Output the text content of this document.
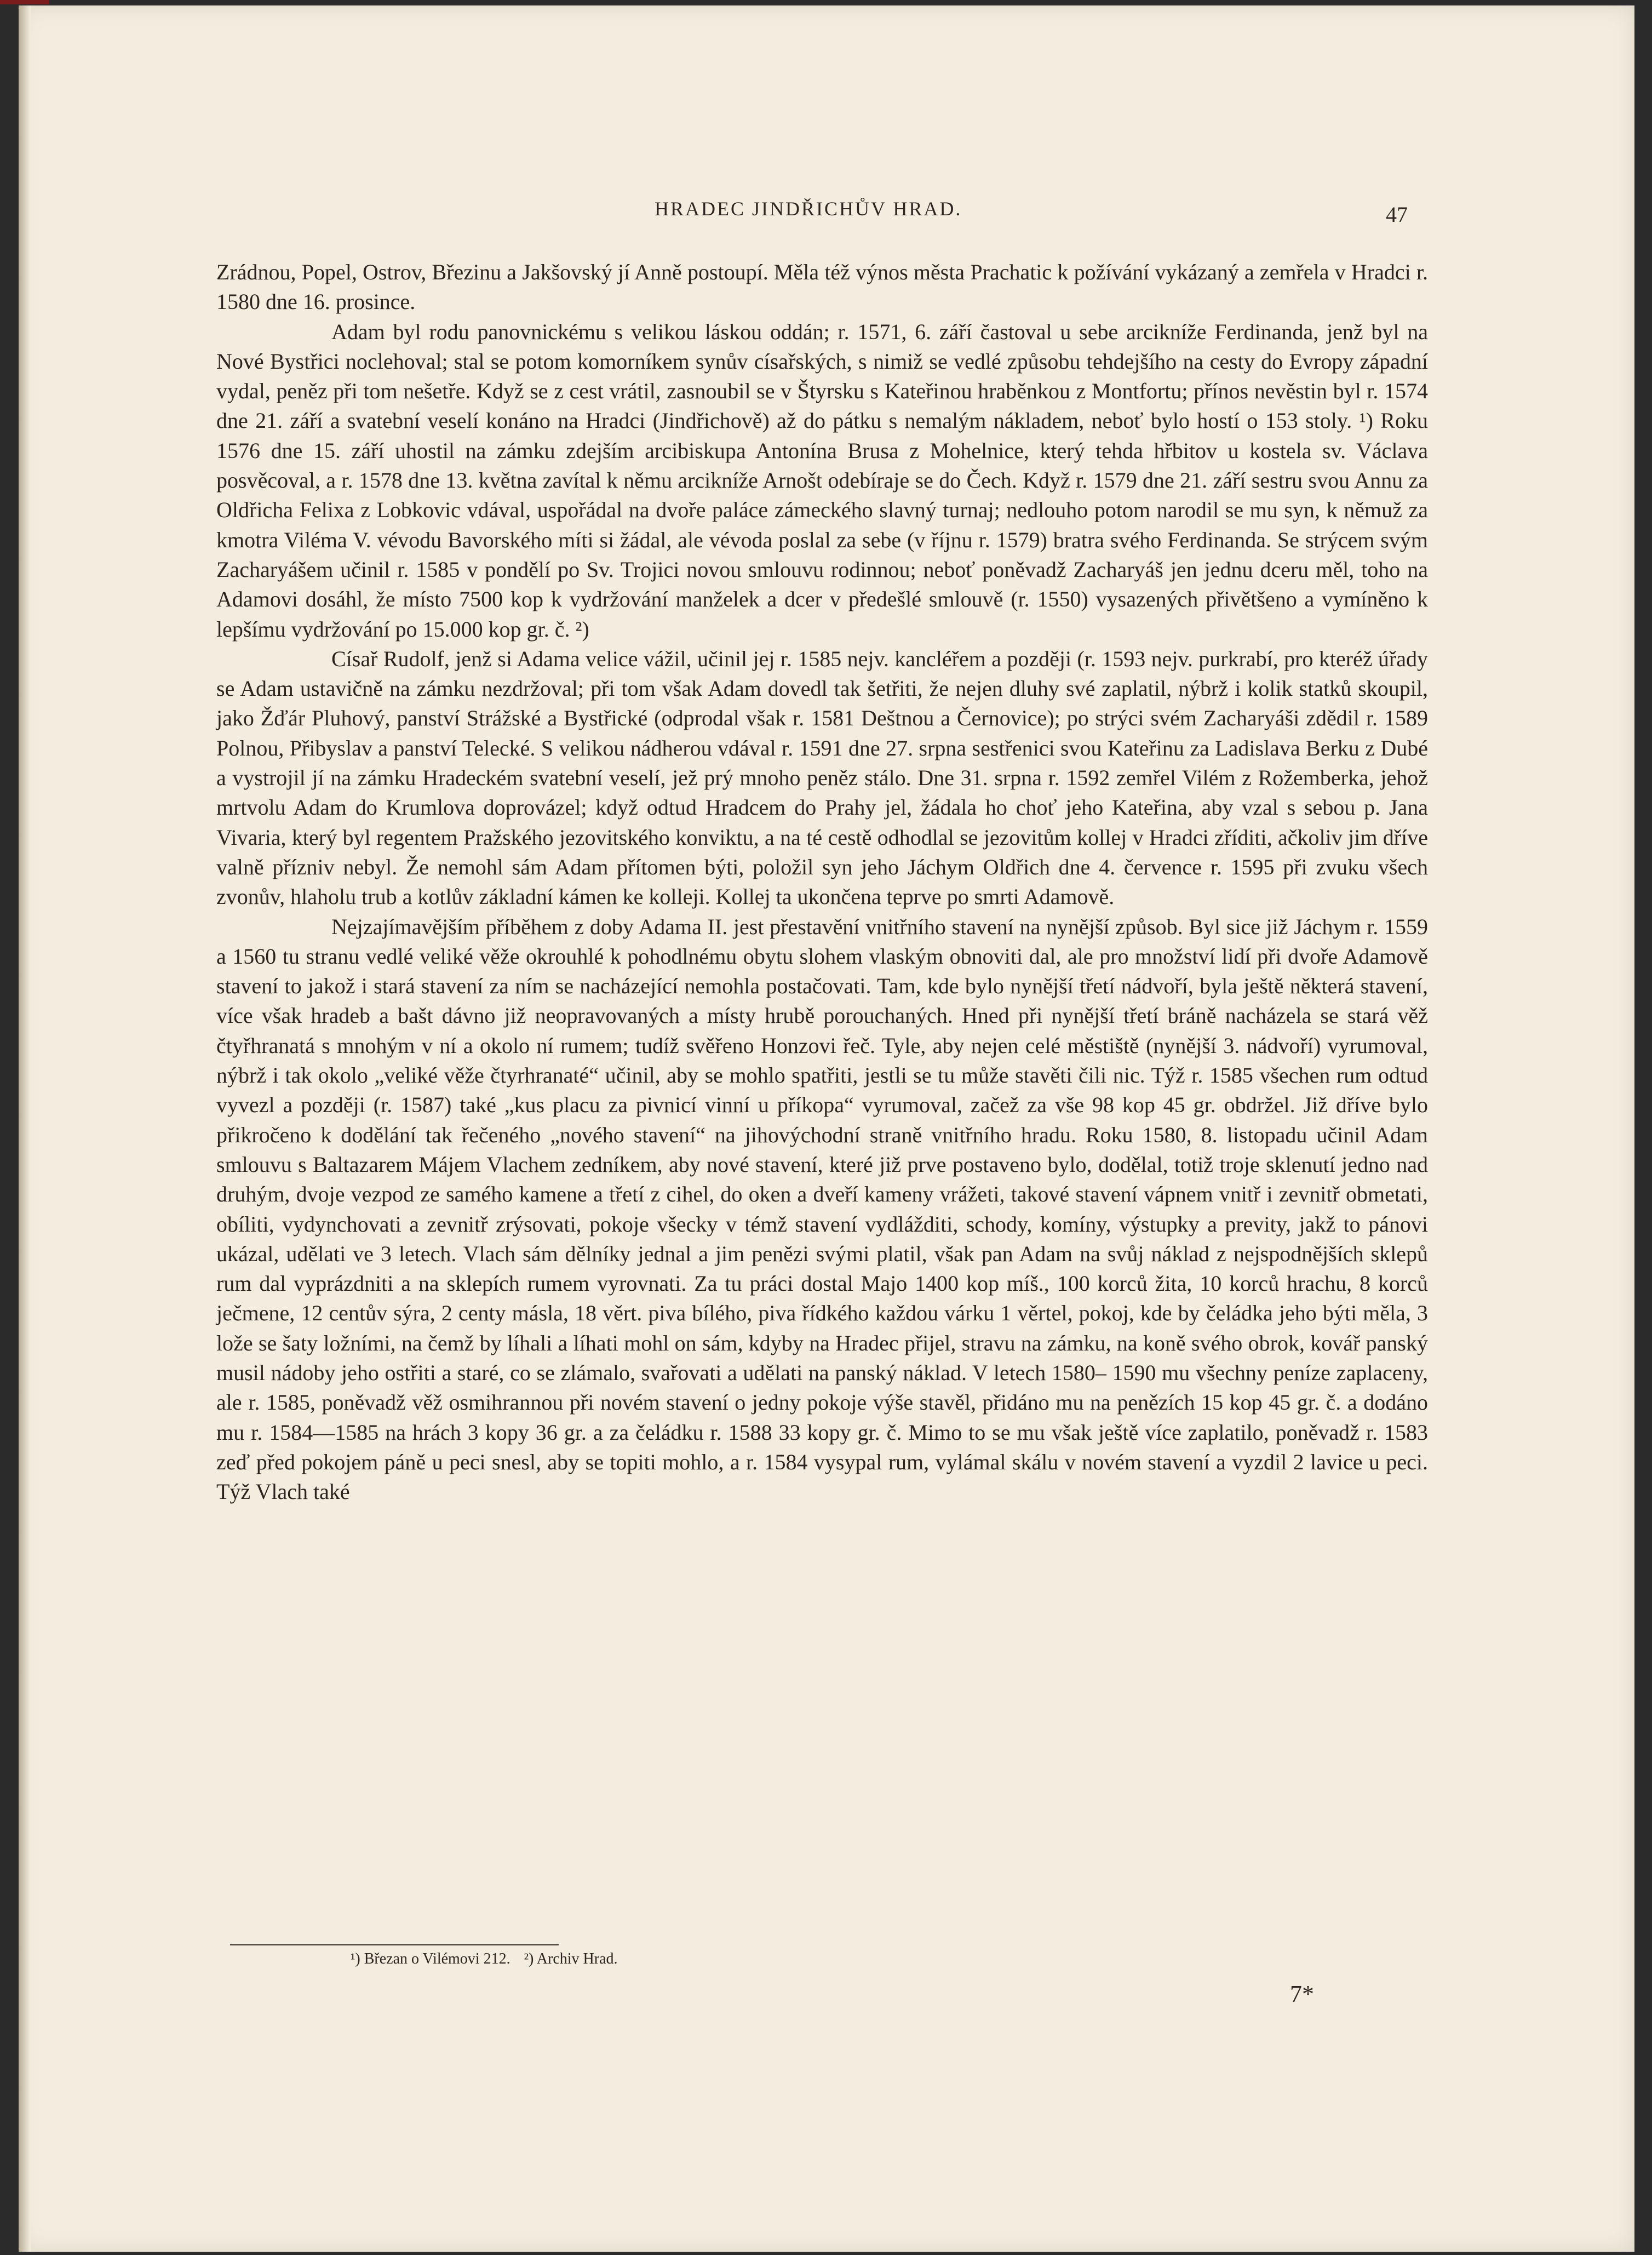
HRADEC JINDŘICHŮV HRAD.	47

Zrádnou, Popel, Ostrov, Březinu a Jakšovský jí Anně postoupí. Měla též výnos města Prachatic k požívání vykázaný a zemřela v Hradci r. 1580 dne 16. prosince.

Adam byl rodu panovnickému s velikou láskou oddán; r. 1571, 6. září častoval u sebe arcikníže Ferdinanda, jenž byl na Nové Bystřici noclehoval; stal se potom komorníkem synův císařských, s nimiž se vedlé způsobu tehdejšího na cesty do Evropy západní vydal, peněz při tom nešetře. Když se z cest vrátil, zasnoubil se v Štyrsku s Kateřinou hraběnkou z Montfortu; přínos nevěstin byl r. 1574 dne 21. září a svatební veselí konáno na Hradci (Jindřichově) až do pátku s nemalým nákladem, neboť bylo hostí o 153 stoly. ¹) Roku 1576 dne 15. září uhostil na zámku zdejším arcibiskupa Antonína Brusa z Mohelnice, který tehda hřbitov u kostela sv. Václava posvěcoval, a r. 1578 dne 13. května zavítal k němu arcikníže Arnošt odebíraje se do Čech. Když r. 1579 dne 21. září sestru svou Annu za Oldřicha Felixa z Lobkovic vdával, uspořádal na dvoře paláce zámeckého slavný turnaj; nedlouho potom narodil se mu syn, k němuž za kmotra Viléma V. vévodu Bavorského míti si žádal, ale vévoda poslal za sebe (v říjnu r. 1579) bratra svého Ferdinanda. Se strýcem svým Zacharyášem učinil r. 1585 v pondělí po Sv. Trojici novou smlouvu rodinnou; neboť poněvadž Zacharyáš jen jednu dceru měl, toho na Adamovi dosáhl, že místo 7500 kop k vydržování manželek a dcer v předešlé smlouvě (r. 1550) vysazených přivětšeno a vymíněno k lepšímu vydržování po 15.000 kop gr. č. ²)

Císař Rudolf, jenž si Adama velice vážil, učinil jej r. 1585 nejv. kancléřem a později (r. 1593 nejv. purkrabí, pro kteréž úřady se Adam ustavičně na zámku nezdržoval; při tom však Adam dovedl tak šetřiti, že nejen dluhy své zaplatil, nýbrž i kolik statků skoupil, jako Žďár Pluhový, panství Strážské a Bystřické (odprodal však r. 1581 Deštnou a Černovice); po strýci svém Zacharyáši zdědil r. 1589 Polnou, Přibyslav a panství Telecké. S velikou nádherou vdával r. 1591 dne 27. srpna sestřenici svou Kateřinu za Ladislava Berku z Dubé a vystrojil jí na zámku Hradeckém svatební veselí, jež prý mnoho peněz stálo. Dne 31. srpna r. 1592 zemřel Vilém z Rožemberka, jehož mrtvolu Adam do Krumlova doprovázel; když odtud Hradcem do Prahy jel, žádala ho choť jeho Kateřina, aby vzal s sebou p. Jana Vivaria, který byl regentem Pražského jezovitského konviktu, a na té cestě odhodlal se jezovitům kollej v Hradci zříditi, ačkoliv jim dříve valně přízniv nebyl. Že nemohl sám Adam přítomen býti, položil syn jeho Jáchym Oldřich dne 4. července r. 1595 při zvuku všech zvonův, hlaholu trub a kotlův základní kámen ke kolleji. Kollej ta ukončena teprve po smrti Adamově.

Nejzajímavějším příběhem z doby Adama II. jest přestavění vnitřního stavení na nynější způsob. Byl sice již Jáchym r. 1559 a 1560 tu stranu vedlé veliké věže okrouhlé k pohodlnému obytu slohem vlaským obnoviti dal, ale pro množství lidí při dvoře Adamově stavení to jakož i stará stavení za ním se nacházející nemohla postačovati. Tam, kde bylo nynější třetí nádvoří, byla ještě některá stavení, více však hradeb a bašt dávno již neopravovaných a místy hrubě porouchaných. Hned při nynější třetí bráně nacházela se stará věž čtyřhranatá s mnohým v ní a okolo ní rumem; tudíž svěřeno Honzovi řeč. Tyle, aby nejen celé městiště (nynější 3. nádvoří) vyrumoval, nýbrž i tak okolo „veliké věže čtyrhranaté“ učinil, aby se mohlo spatřiti, jestli se tu může stavěti čili nic. Týž r. 1585 všechen rum odtud vyvezl a později (r. 1587) také „kus placu za pivnicí vinní u příkopa“ vyrumoval, začež za vše 98 kop 45 gr. obdržel. Již dříve bylo přikročeno k dodělání tak řečeného „nového stavení“ na jihovýchodní straně vnitřního hradu. Roku 1580, 8. listopadu učinil Adam smlouvu s Baltazarem Májem Vlachem zedníkem, aby nové stavení, které již prve postaveno bylo, dodělal, totiž troje sklenutí jedno nad druhým, dvoje vezpod ze samého kamene a třetí z cihel, do oken a dveří kameny vrážeti, takové stavení vápnem vnitř i zevnitř obmetati, obíliti, vydynchovati a zevnitř zrýsovati, pokoje všecky v témž stavení vydlážditi, schody, komíny, výstupky a previty, jakž to pánovi ukázal, udělati ve 3 letech. Vlach sám dělníky jednal a jim penězi svými platil, však pan Adam na svůj náklad z nejspodnějších sklepů rum dal vyprázdniti a na sklepích rumem vyrovnati. Za tu práci dostal Majo 1400 kop míš., 100 korců žita, 10 korců hrachu, 8 korců ječmene, 12 centův sýra, 2 centy másla, 18 věrt. piva bílého, piva řídkého každou várku 1 věrtel, pokoj, kde by čeládka jeho býti měla, 3 lože se šaty ložními, na čemž by líhali a líhati mohl on sám, kdyby na Hradec přijel, stravu na zámku, na koně svého obrok, kovář panský musil nádoby jeho ostřiti a staré, co se zlámalo, svařovati a udělati na panský náklad. V letech 1580– 1590 mu všechny peníze zaplaceny, ale r. 1585, poněvadž věž osmihrannou při novém stavení o jedny pokoje výše stavěl, přidáno mu na penězích 15 kop 45 gr. č. a dodáno mu r. 1584—1585 na hrách 3 kopy 36 gr. a za čeládku r. 1588 33 kopy gr. č. Mimo to se mu však ještě více zaplatilo, poněvadž r. 1583 zeď před pokojem páně u peci snesl, aby se topiti mohlo, a r. 1584 vysypal rum, vylámal skálu v novém stavení a vyzdil 2 lavice u peci. Týž Vlach také

¹) Březan o Vilémovi 212. ²) Archiv Hrad.
7*
